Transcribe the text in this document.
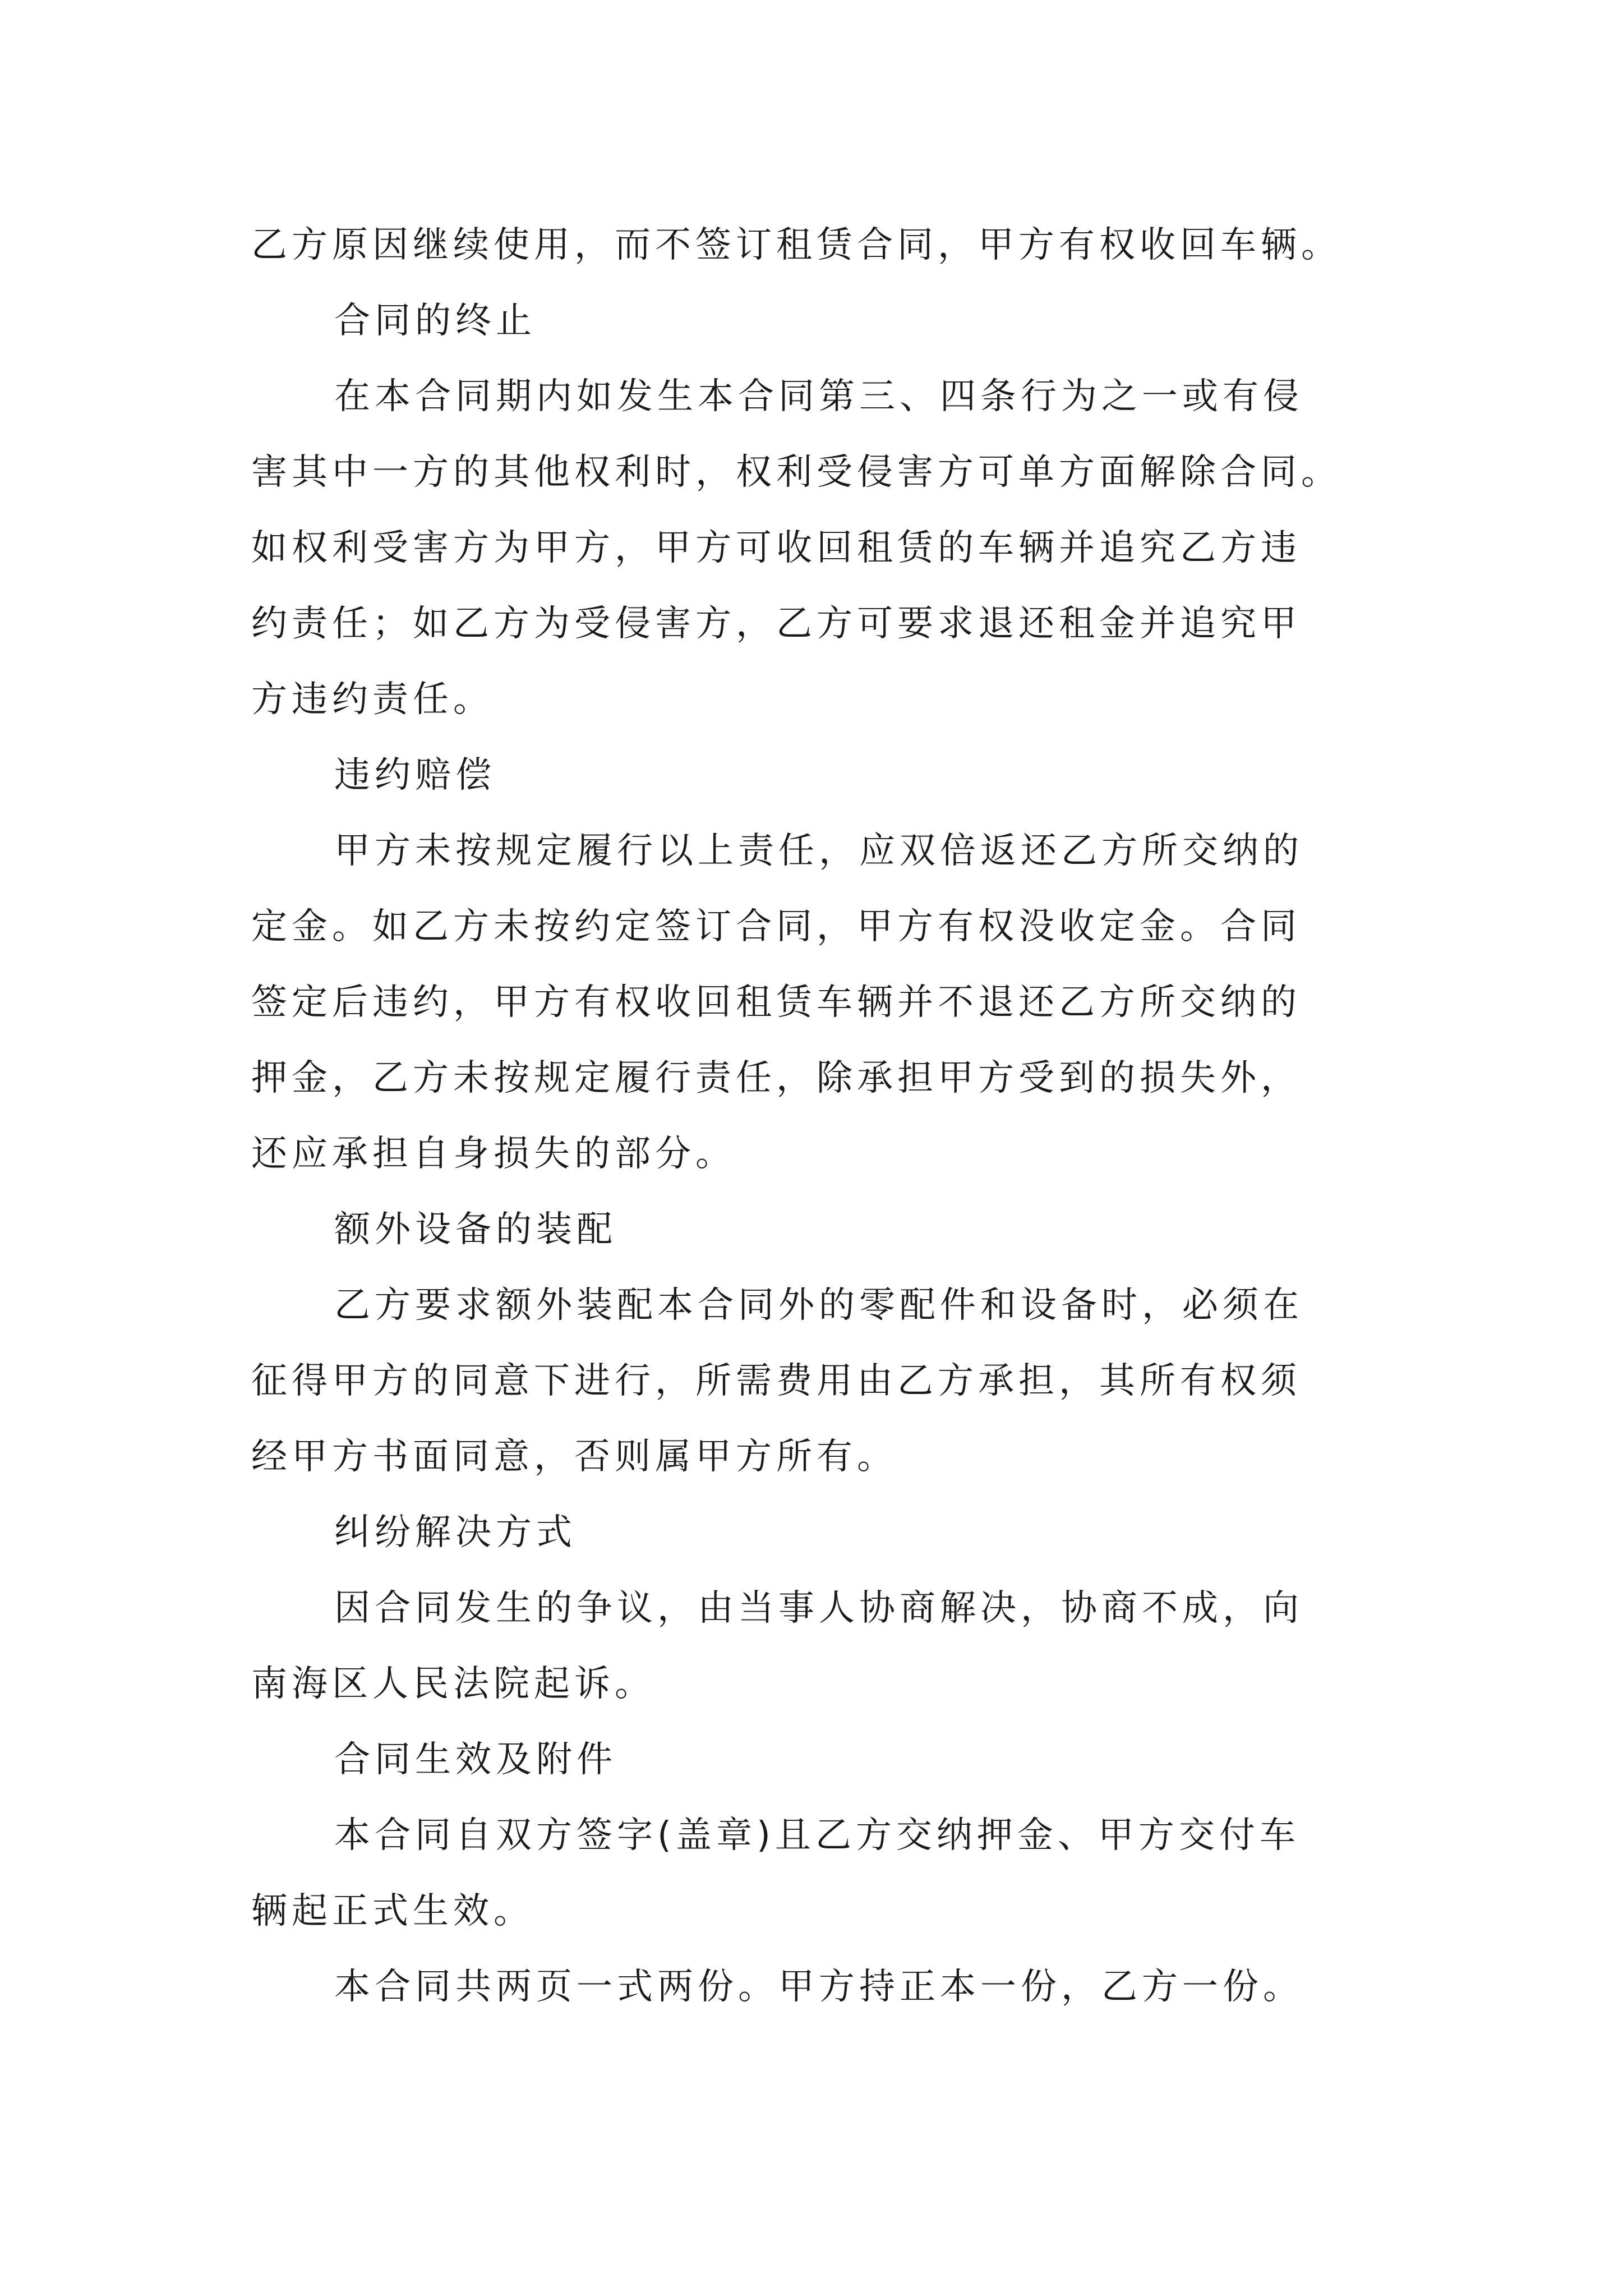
乙方原因继续使用，而不签订租赁合同，甲方有权收回车辆。
合同的终止
在本合同期内如发生本合同第三、四条行为之一或有侵
害其中一方的其他权利时，权利受侵害方可单方面解除合同。
如权利受害方为甲方，甲方可收回租赁的车辆并追究乙方违
约责任；如乙方为受侵害方，乙方可要求退还租金并追究甲
方违约责任。
违约赔偿
甲方未按规定履行以上责任，应双倍返还乙方所交纳的
定金。如乙方未按约定签订合同，甲方有权没收定金。合同
签定后违约，甲方有权收回租赁车辆并不退还乙方所交纳的
押金，乙方未按规定履行责任，除承担甲方受到的损失外，
还应承担自身损失的部分。
额外设备的装配
乙方要求额外装配本合同外的零配件和设备时，必须在
征得甲方的同意下进行，所需费用由乙方承担，其所有权须
经甲方书面同意，否则属甲方所有。
纠纷解决方式
因合同发生的争议，由当事人协商解决，协商不成，向
南海区人民法院起诉。
合同生效及附件
本合同自双方签字(盖章)且乙方交纳押金、甲方交付车
辆起正式生效。
本合同共两页一式两份。甲方持正本一份，乙方一份。
